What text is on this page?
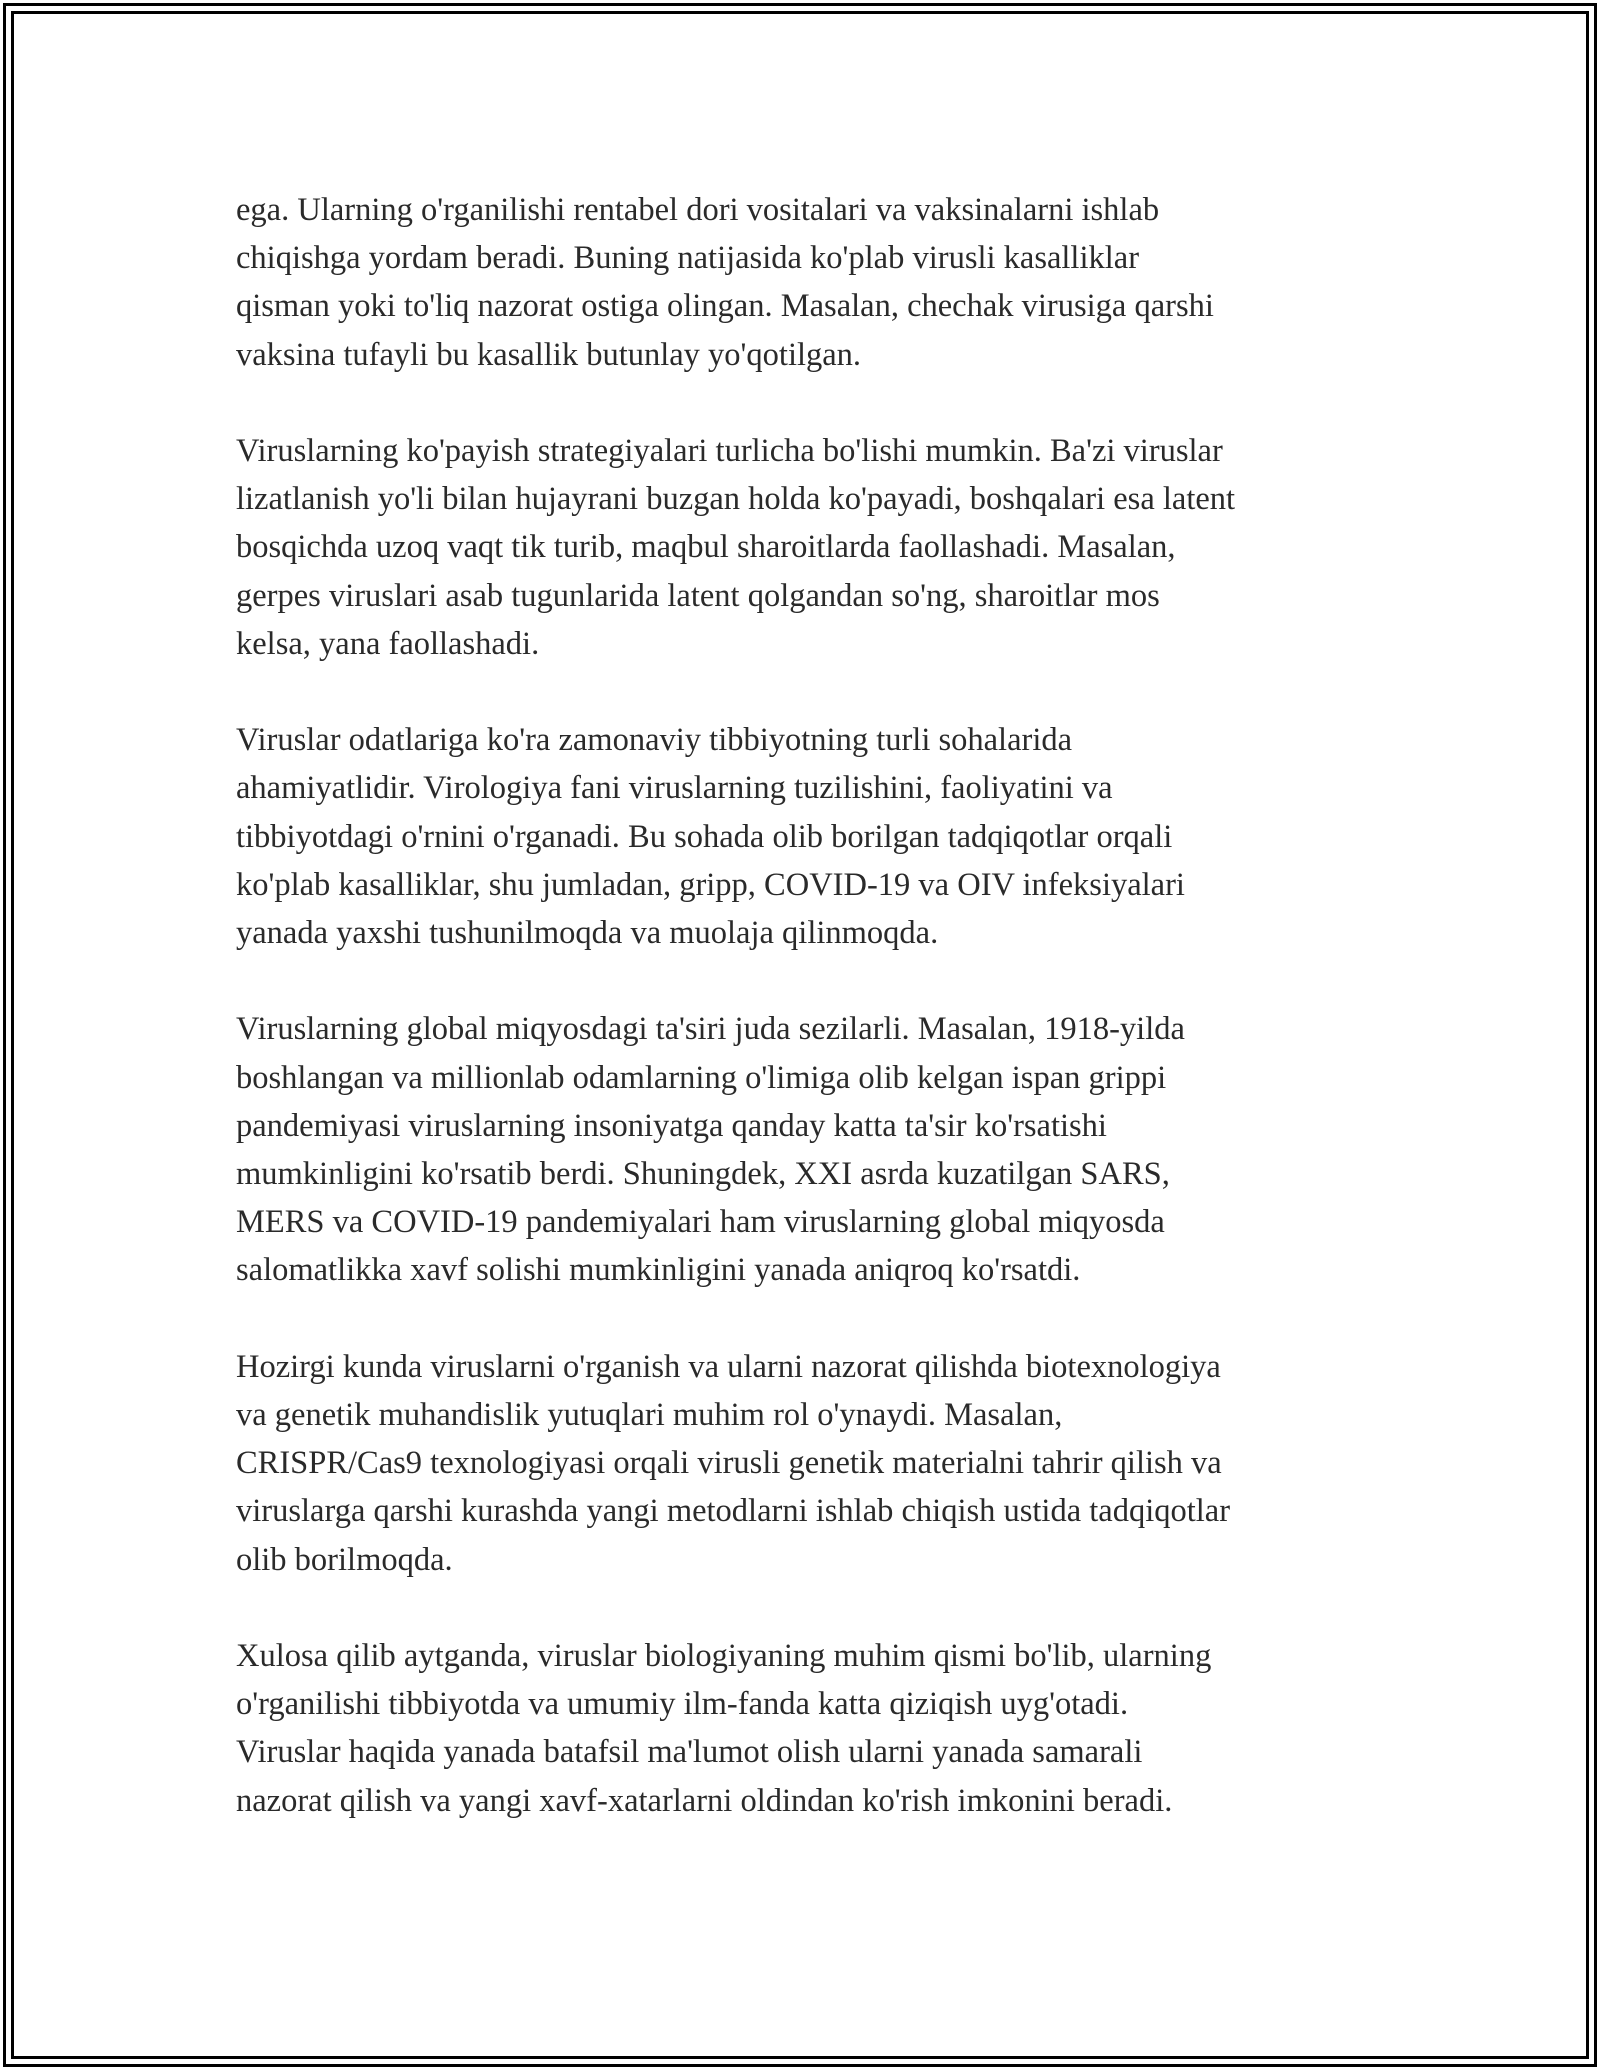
ega. Ularning o'rganilishi rentabel dori vositalari va vaksinalarni ishlab
chiqishga yordam beradi. Buning natijasida ko'plab virusli kasalliklar
qisman yoki to'liq nazorat ostiga olingan. Masalan, chechak virusiga qarshi
vaksina tufayli bu kasallik butunlay yo'qotilgan.

Viruslarning ko'payish strategiyalari turlicha bo'lishi mumkin. Ba'zi viruslar
lizatlanish yo'li bilan hujayrani buzgan holda ko'payadi, boshqalari esa latent
bosqichda uzoq vaqt tik turib, maqbul sharoitlarda faollashadi. Masalan,
gerpes viruslari asab tugunlarida latent qolgandan so'ng, sharoitlar mos
kelsa, yana faollashadi.

Viruslar odatlariga ko'ra zamonaviy tibbiyotning turli sohalarida
ahamiyatlidir. Virologiya fani viruslarning tuzilishini, faoliyatini va
tibbiyotdagi o'rnini o'rganadi. Bu sohada olib borilgan tadqiqotlar orqali
ko'plab kasalliklar, shu jumladan, gripp, COVID-19 va OIV infeksiyalari
yanada yaxshi tushunilmoqda va muolaja qilinmoqda.

Viruslarning global miqyosdagi ta'siri juda sezilarli. Masalan, 1918-yilda
boshlangan va millionlab odamlarning o'limiga olib kelgan ispan grippi
pandemiyasi viruslarning insoniyatga qanday katta ta'sir ko'rsatishi
mumkinligini ko'rsatib berdi. Shuningdek, XXI asrda kuzatilgan SARS,
MERS va COVID-19 pandemiyalari ham viruslarning global miqyosda
salomatlikka xavf solishi mumkinligini yanada aniqroq ko'rsatdi.

Hozirgi kunda viruslarni o'rganish va ularni nazorat qilishda biotexnologiya
va genetik muhandislik yutuqlari muhim rol o'ynaydi. Masalan,
CRISPR/Cas9 texnologiyasi orqali virusli genetik materialni tahrir qilish va
viruslarga qarshi kurashda yangi metodlarni ishlab chiqish ustida tadqiqotlar
olib borilmoqda.

Xulosa qilib aytganda, viruslar biologiyaning muhim qismi bo'lib, ularning
o'rganilishi tibbiyotda va umumiy ilm-fanda katta qiziqish uyg'otadi.
Viruslar haqida yanada batafsil ma'lumot olish ularni yanada samarali
nazorat qilish va yangi xavf-xatarlarni oldindan ko'rish imkonini beradi.
